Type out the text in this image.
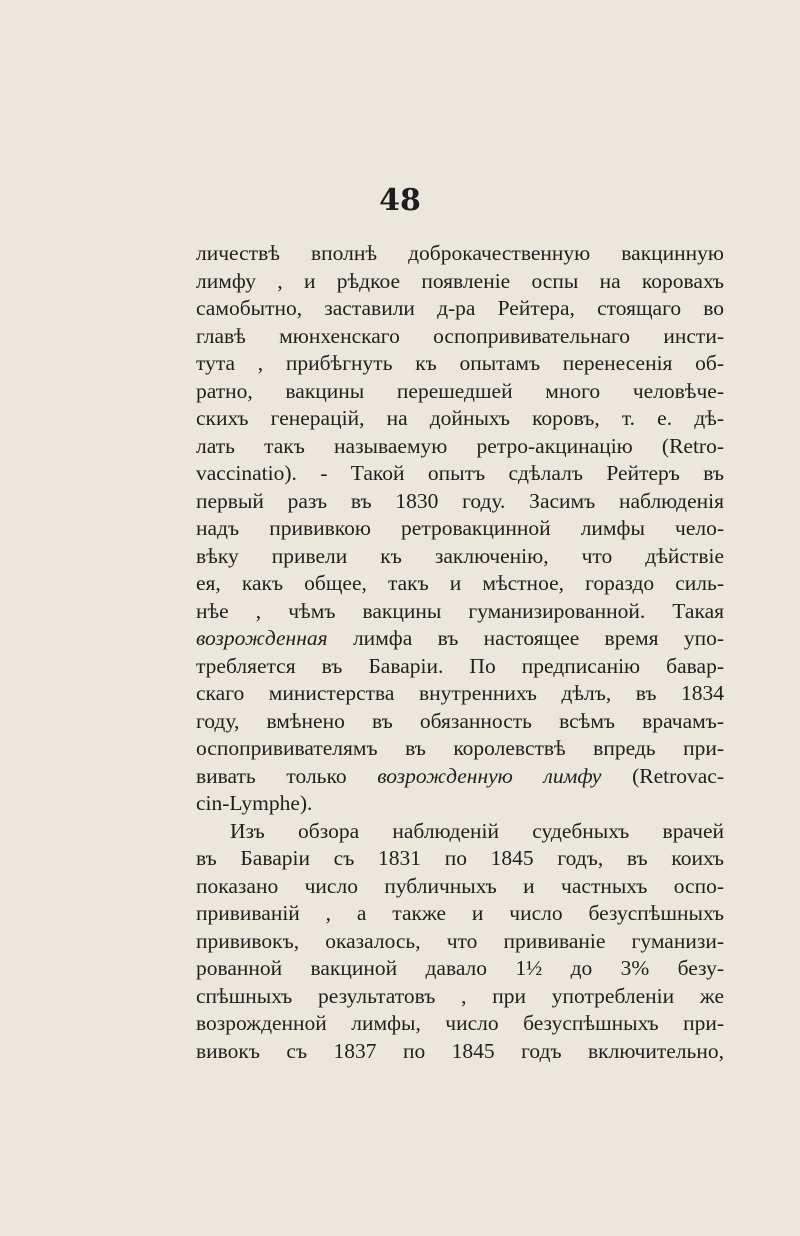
48
личествѣ вполнѣ доброкачественную вакцинную
лимфу , и рѣдкое появленіе оспы на коровахъ
самобытно, заставили д-ра Рейтера, стоящаго во
главѣ мюнхенскаго оспопрививательнаго инсти-
тута , прибѣгнуть къ опытамъ перенесенія об-
ратно, вакцины перешедшей много человѣче-
скихъ генерацій, на дойныхъ коровъ, т. е. дѣ-
лать такъ называемую ретро-акцинацію (Retro-
vaccinatio). - Такой опытъ сдѣлалъ Рейтеръ въ
первый разъ въ 1830 году. Засимъ наблюденія
надъ прививкою ретровакцинной лимфы чело-
вѣку привели къ заключенію, что дѣйствіе
ея, какъ общее, такъ и мѣстное, гораздо силь-
нѣе , чѣмъ вакцины гуманизированной. Такая
возрожденная лимфа въ настоящее время упо-
требляется въ Баваріи. По предписанію бавар-
скаго министерства внутреннихъ дѣлъ, въ 1834
году, вмѣнено въ обязанность всѣмъ врачамъ-
оспопрививателямъ въ королевствѣ впредь при-
вивать только возрожденную лимфу (Retrovac-
cin-Lymphe).
Изъ обзора наблюденій судебныхъ врачей
въ Баваріи съ 1831 по 1845 годъ, въ коихъ
показано число публичныхъ и частныхъ оспо-
прививаній , а также и число безуспѣшныхъ
прививокъ, оказалось, что прививаніе гуманизи-
рованной вакциной давало 1½ до 3% безу-
спѣшныхъ результатовъ , при употребленіи же
возрожденной лимфы, число безуспѣшныхъ при-
вивокъ съ 1837 по 1845 годъ включительно,
